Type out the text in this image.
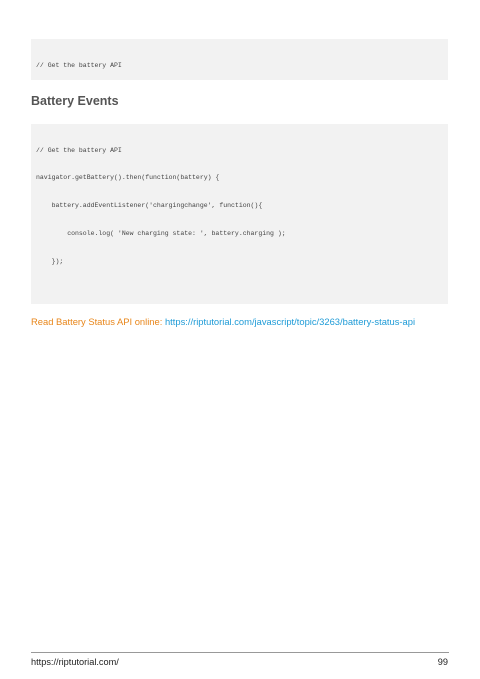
// Get the battery API

Battery Events

// Get the battery API

navigator.getBattery().then(function(battery) {

battery.addEventListener('chargingchange', function(){

console.log( 'New charging state: ', battery.charging );

});

Read Battery Status API online: https://riptutorial.com/javascript/topic/3263/battery-status-api
https://riptutorial.com/	99
